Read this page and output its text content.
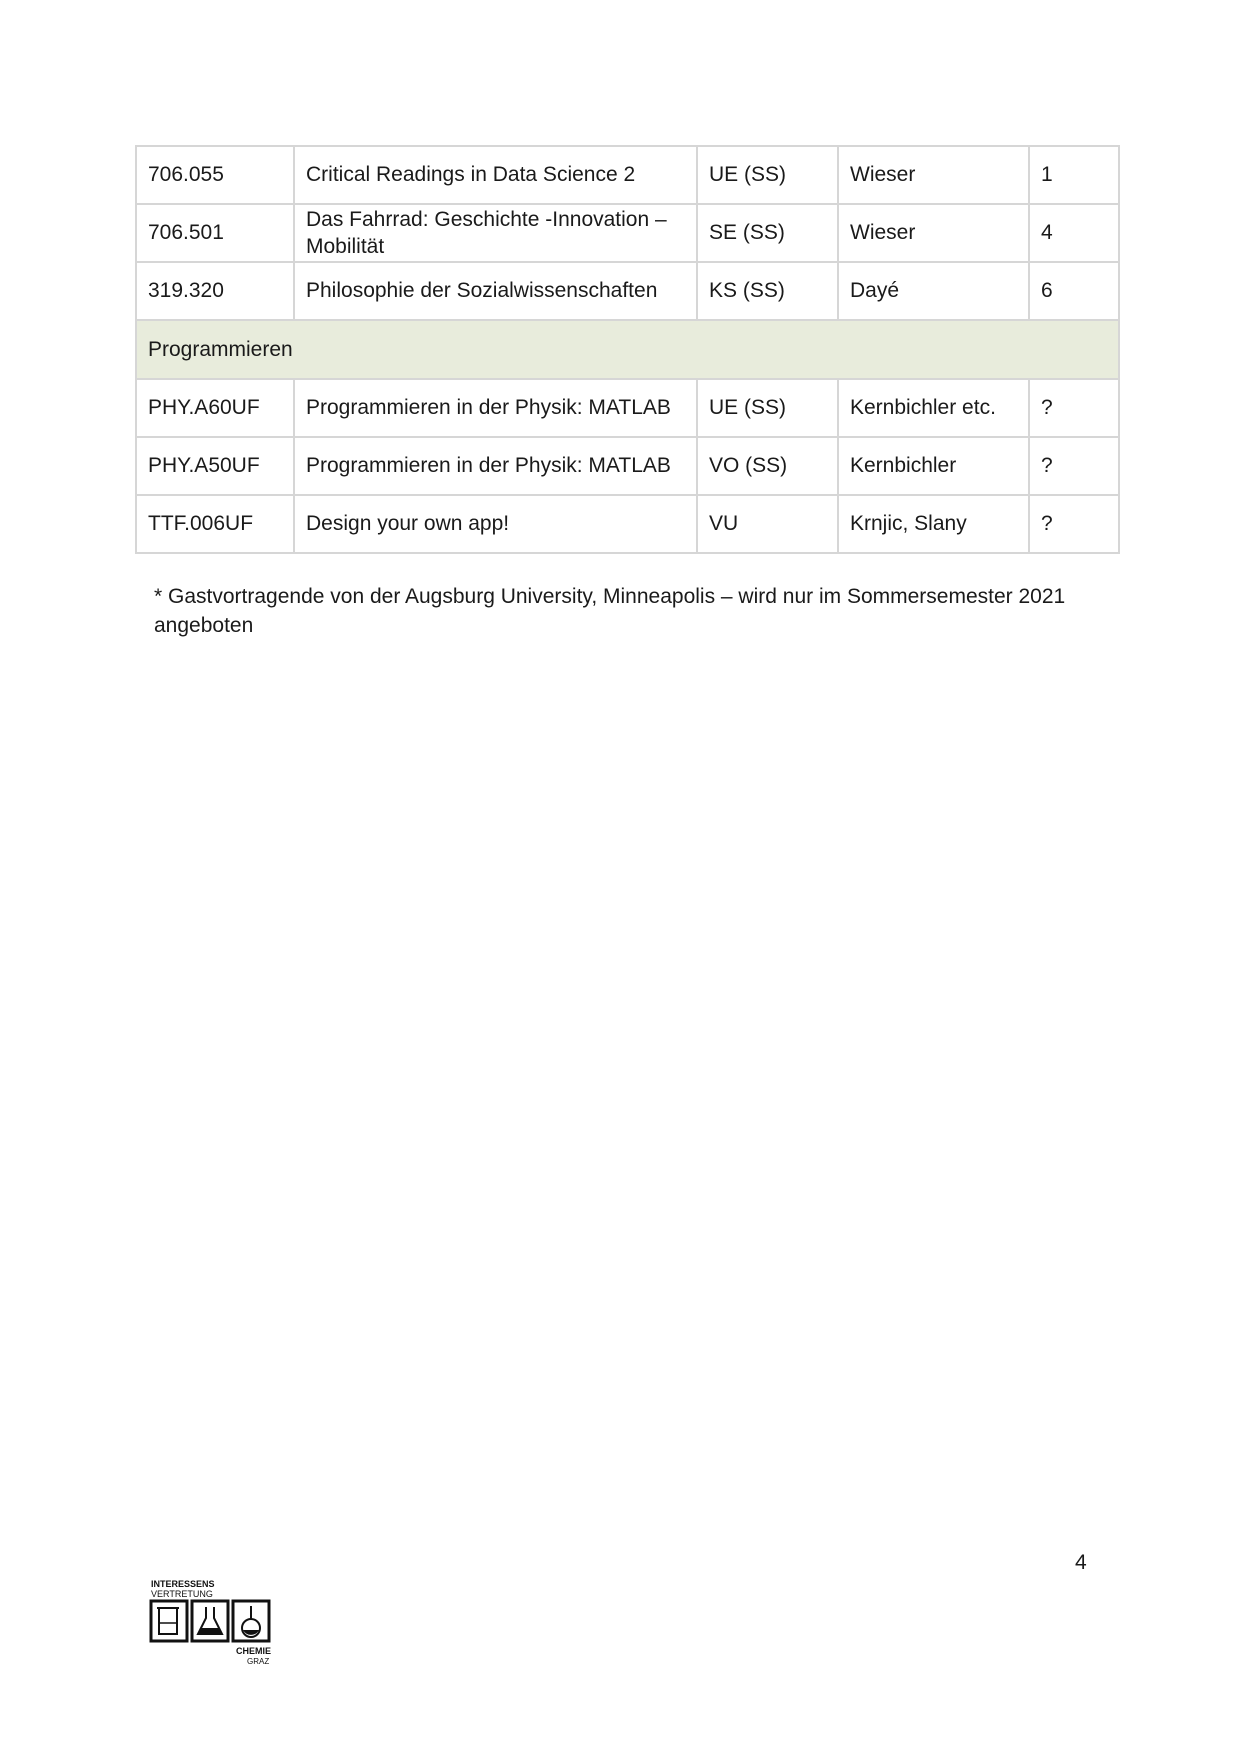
706.055	Critical Readings in Data Science 2	UE (SS)	Wieser	1
706.501	Das Fahrrad: Geschichte -Innovation – Mobilität	SE (SS)	Wieser	4
319.320	Philosophie der Sozialwissenschaften	KS (SS)	Dayé	6
Programmieren				
PHY.A60UF	Programmieren in der Physik: MATLAB	UE (SS)	Kernbichler etc.	?
PHY.A50UF	Programmieren in der Physik: MATLAB	VO (SS)	Kernbichler	?
TTF.006UF	Design your own app!	VU	Krnjic, Slany	?
* Gastvortragende von der Augsburg University, Minneapolis – wird nur im Sommersemester 2021 angeboten
4
INTERESSENS
VERTRETUNG
CHEMIE
GRAZ
